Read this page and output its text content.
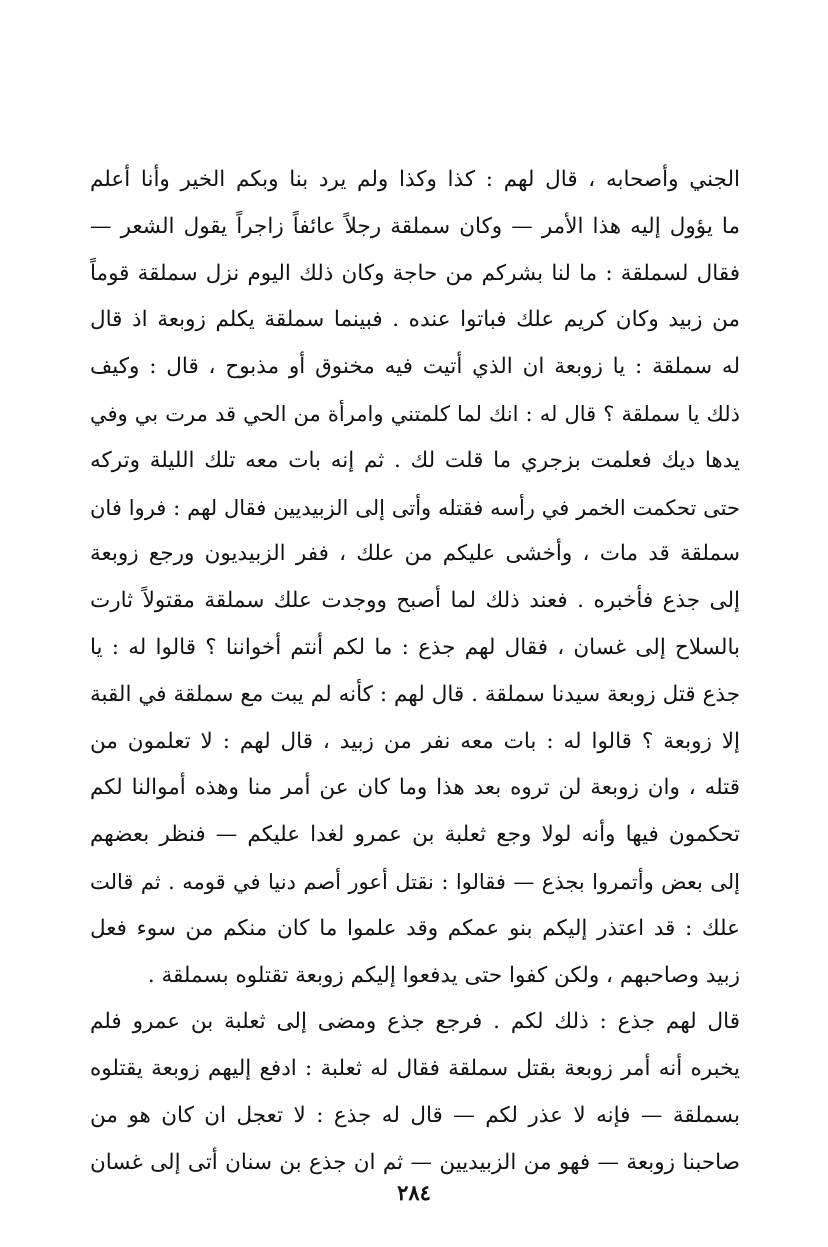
الجني وأصحابه ، قال لهم : كذا وكذا ولم يرد بنا وبكم الخير وأنا أعلم
ما يؤول إليه هذا الأمر — وكان سملقة رجلاً عائفاً زاجراً يقول الشعر —
فقال لسملقة : ما لنا بشركم من حاجة وكان ذلك اليوم نزل سملقة قوماً
من زبيد وكان كريم علك فباتوا عنده . فبينما سملقة يكلم زوبعة اذ قال
له سملقة : يا زوبعة ان الذي أتيت فيه مخنوق أو مذبوح ، قال : وكيف
ذلك يا سملقة ؟ قال له : انك لما كلمتني وامرأة من الحي قد مرت بي وفي
يدها ديك فعلمت بزجري ما قلت لك . ثم إنه بات معه تلك الليلة وتركه
حتى تحكمت الخمر في رأسه فقتله وأتى إلى الزبيديين فقال لهم : فروا فان
سملقة قد مات ، وأخشى عليكم من علك ، ففر الزبيديون ورجع زوبعة
إلى جذع فأخبره . فعند ذلك لما أصبح ووجدت علك سملقة مقتولاً ثارت
بالسلاح إلى غسان ، فقال لهم جذع : ما لكم أنتم أخواننا ؟ قالوا له : يا
جذع قتل زوبعة سيدنا سملقة . قال لهم : كأنه لم يبت مع سملقة في القبة
إلا زوبعة ؟ قالوا له : بات معه نفر من زبيد ، قال لهم : لا تعلمون من
قتله ، وان زوبعة لن تروه بعد هذا وما كان عن أمر منا وهذه أموالنا لكم
تحكمون فيها وأنه لولا وجع ثعلبة بن عمرو لغدا عليكم — فنظر بعضهم
إلى بعض وأتمروا بجذع — فقالوا : نقتل أعور أصم دنيا في قومه . ثم قالت
علك : قد اعتذر إليكم بنو عمكم وقد علموا ما كان منكم من سوء فعل
زبيد وصاحبهم ، ولكن كفوا حتى يدفعوا إليكم زوبعة تقتلوه بسملقة .
قال لهم جذع : ذلك لكم . فرجع جذع ومضى إلى ثعلبة بن عمرو فلم
يخبره أنه أمر زوبعة بقتل سملقة فقال له ثعلبة : ادفع إليهم زوبعة يقتلوه
بسملقة — فإنه لا عذر لكم — قال له جذع : لا تعجل ان كان هو من
صاحبنا زوبعة — فهو من الزبيديين — ثم ان جذع بن سنان أتى إلى غسان
٢٨٤
